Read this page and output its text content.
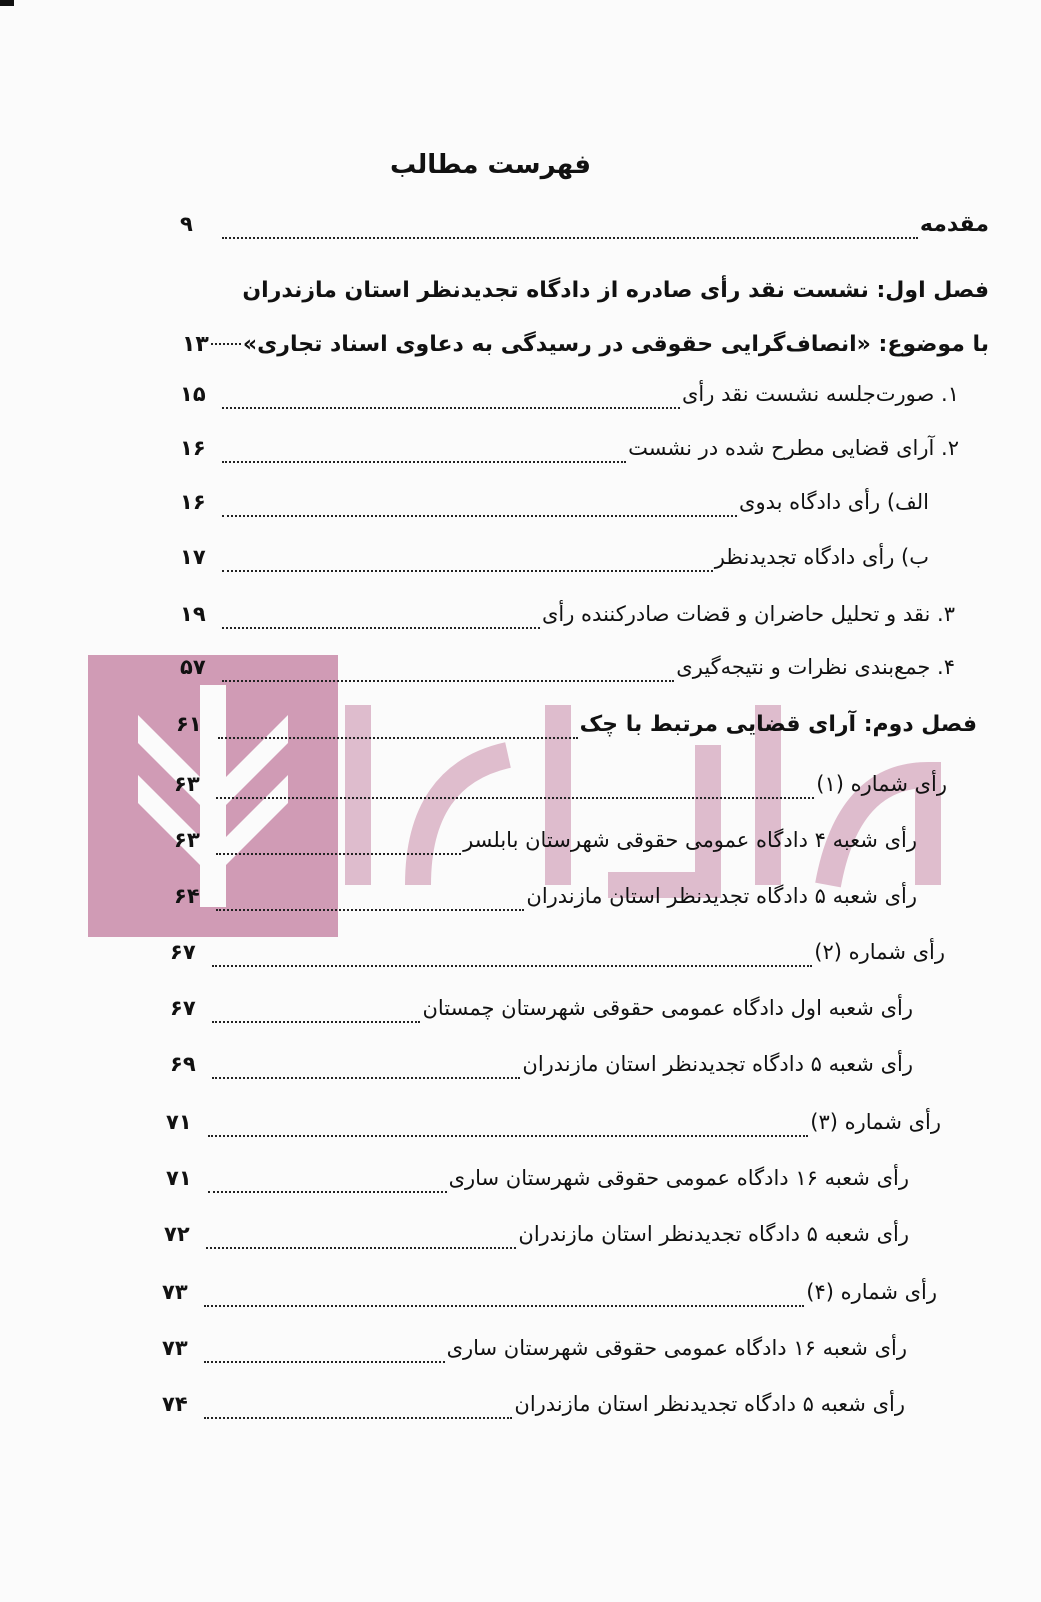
فهرست مطالب
مقدمه
۹
فصل اول: نشست نقد رأی صادره از دادگاه تجدیدنظر استان مازندران
با موضوع: «انصاف‌گرایی حقوقی در رسیدگی به دعاوی اسناد تجاری»
۱۳
۱. صورت‌جلسه نشست نقد رأی
۱۵
۲. آرای قضایی مطرح شده در نشست
۱۶
الف) رأی دادگاه بدوی
۱۶
ب) رأی دادگاه تجدیدنظر
۱۷
۳. نقد و تحلیل حاضران و قضات صادرکننده رأی
۱۹
۴. جمع‌بندی نظرات و نتیجه‌گیری
۵۷
فصل دوم: آرای قضایی مرتبط با چک
۶۱
رأی شماره (۱)
۶۳
رأی شعبه ۴ دادگاه عمومی حقوقی شهرستان بابلسر
۶۳
رأی شعبه ۵ دادگاه تجدیدنظر استان مازندران
۶۴
رأی شماره (۲)
۶۷
رأی شعبه اول دادگاه عمومی حقوقی شهرستان چمستان
۶۷
رأی شعبه ۵ دادگاه تجدیدنظر استان مازندران
۶۹
رأی شماره (۳)
۷۱
رأی شعبه ۱۶ دادگاه عمومی حقوقی شهرستان ساری
۷۱
رأی شعبه ۵ دادگاه تجدیدنظر استان مازندران
۷۲
رأی شماره (۴)
۷۳
رأی شعبه ۱۶ دادگاه عمومی حقوقی شهرستان ساری
۷۳
رأی شعبه ۵ دادگاه تجدیدنظر استان مازندران
۷۴
